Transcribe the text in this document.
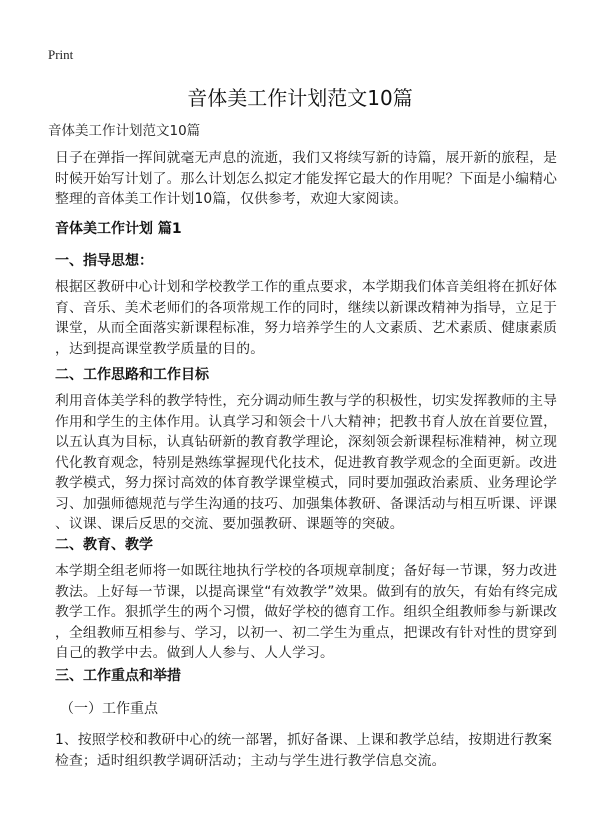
Print
音体美工作计划范文10篇
音体美工作计划范文10篇
日子在弹指一挥间就毫无声息的流逝，我们又将续写新的诗篇，展开新的旅程，是
时候开始写计划了。那么计划怎么拟定才能发挥它最大的作用呢？下面是小编精心
整理的音体美工作计划10篇，仅供参考，欢迎大家阅读。
音体美工作计划 篇1
一、指导思想：
根据区教研中心计划和学校教学工作的重点要求，本学期我们体音美组将在抓好体
育、音乐、美术老师们的各项常规工作的同时，继续以新课改精神为指导，立足于
课堂，从而全面落实新课程标准，努力培养学生的人文素质、艺术素质、健康素质
，达到提高课堂教学质量的目的。
二、工作思路和工作目标
利用音体美学科的教学特性，充分调动师生教与学的积极性，切实发挥教师的主导
作用和学生的主体作用。认真学习和领会十八大精神；把教书育人放在首要位置，
以五认真为目标，认真钻研新的教育教学理论，深刻领会新课程标准精神，树立现
代化教育观念，特别是熟练掌握现代化技术，促进教育教学观念的全面更新。改进
教学模式，努力探讨高效的体育教学课堂模式，同时要加强政治素质、业务理论学
习、加强师德规范与学生沟通的技巧、加强集体教研、备课活动与相互听课、评课
、议课、课后反思的交流、要加强教研、课题等的突破。
二、教育、教学
本学期全组老师将一如既往地执行学校的各项规章制度；备好每一节课，努力改进
教法。上好每一节课，以提高课堂“有效教学”效果。做到有的放矢，有始有终完成
教学工作。狠抓学生的两个习惯，做好学校的德育工作。组织全组教师参与新课改
，全组教师互相参与、学习，以初一、初二学生为重点，把课改有针对性的贯穿到
自己的教学中去。做到人人参与、人人学习。
三、工作重点和举措
（一）工作重点
1、按照学校和教研中心的统一部署，抓好备课、上课和教学总结，按期进行教案
检查；适时组织教学调研活动；主动与学生进行教学信息交流。
